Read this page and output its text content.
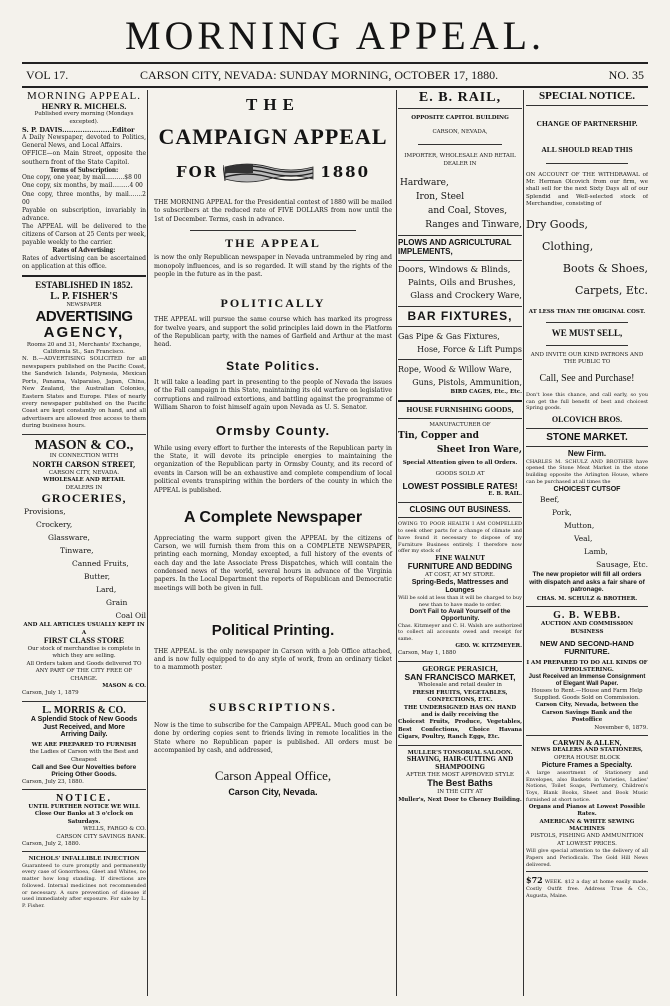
MORNING APPEAL.
VOL 17.	CARSON CITY, NEVADA: SUNDAY MORNING, OCTOBER 17, 1880.	NO. 35

MORNING APPEAL.

HENRY R. MICHELS.

Published every morning (Mondays excepted).

S. P. DAVIS......................Editor

A Daily Newspaper, devoted to Politics, General News, and Local Affairs.

OFFICE—on Main Street, opposite the southern front of the State Capitol.

Terms of Subscription:

One copy, one year, by mail..........$8 00

One copy, six months, by mail.........4 00

One copy, three months, by mail.......2 00

Payable on subscription, invariably in advance.

The APPEAL will be delivered to the citizens of Carson at 25 Cents per week, payable weekly to the carrier.

Rates of Advertising:

Rates of advertising can be ascertained on application at this office.

ESTABLISHED IN 1852.

L. P. FISHER'S

NEWSPAPER

ADVERTISING

AGENCY,

Rooms 20 and 31, Merchants' Exchange, California St., San Francisco.

N. B.—ADVERTISING SOLICITED for all newspapers published on the Pacific Coast, the Sandwich Islands, Polynesia, Mexican Ports, Panama, Valparaiso, Japan, China, New Zealand, the Australian Colonies, Eastern States and Europe. Files of nearly every newspaper published on the Pacific Coast are kept constantly on hand, and all advertisers are allowed free access to them during business hours.

MASON & CO.,

IN CONNECTION WITH

NORTH CARSON STREET,

CARSON CITY, NEVADA.

WHOLESALE AND RETAIL

DEALERS IN

GROCERIES,

Provisions,

Crockery,

Glassware,

Tinware,

Canned Fruits,

Butter,

Lard,

Grain

Coal Oil

AND ALL ARTICLES USUALLY KEPT IN A

FIRST CLASS STORE

Our stock of merchandise is complete in which they are selling.

All Orders taken and Goods delivered TO ANY PART OF THE CITY FREE OF CHARGE.

MASON & CO.

Carson, July 1, 1879

L. MORRIS & CO.

A Splendid Stock of New Goods

Just Received, and More

Arriving Daily.

WE ARE PREPARED TO FURNISH

the Ladies of Carson with the Best and Cheapest

Call and See Our Novelties before

Pricing Other Goods.

Carson, July 23, 1880.

NOTICE.

UNTIL FURTHER NOTICE WE WILL

Close Our Banks at 3 o'clock on

Saturdays.

WELLS, FARGO & CO.

CARSON CITY SAVINGS BANK.

Carson, July 2, 1880.

NICHOLS' INFALLIBLE INJECTION

Guaranteed to cure promptly and permanently every case of Gonorrhoea, Gleet and Whites, no matter how long standing. If directions are followed. Internal medicines not recommended or necessary. A sure prevention of disease if used immediately after exposure. For sale by L. P. Fisher.

THE

CAMPAIGN APPEAL

FOR	1880

THE MORNING APPEAL for the Presidential contest of 1880 will be mailed to subscribers at the reduced rate of FIVE DOLLARS from now until the 1st of December. Terms, cash in advance.

THE APPEAL

is now the only Republican newspaper in Nevada untrammeled by ring and monopoly influences, and is so regarded. It will stand by the rights of the people in the future as in the past.

POLITICALLY

THE APPEAL will pursue the same course which has marked its progress for twelve years, and support the solid principles laid down in the Platform of the Republican party, with the names of Garfield and Arthur at the mast head.

State Politics.

It will take a leading part in presenting to the people of Nevada the issues of the Fall campaign in this State, maintaining its old warfare on legislative corruptions and railroad extortions, and battling against the programme of William Sharon to foist himself again upon Nevada as U. S. Senator.

Ormsby County.

While using every effort to further the interests of the Republican party in the State, it will devote its principle energies to maintaining the organization of the Republican party in Ormsby County, and its record of events in Carson will be an exhaustive and complete compendium of local political events transpiring within the borders of the county in which the APPEAL is published.

A Complete Newspaper

Appreciating the warm support given the APPEAL by the citizens of Carson, we will furnish them from this on a COMPLETE NEWSPAPER, printing each morning, Monday excepted, a full history of the events of each day and the late Associate Press Dispatches, which will contain the condensed news of the world, several hours in advance of the Virginia papers. In the Local Department the reports of Republican and Democratic meetings will both be given in full.

Political Printing.

THE APPEAL is the only newspaper in Carson with a Job Office attached, and is now fully equipped to do any style of work, from an ordinary ticket to a mammoth poster.

SUBSCRIPTIONS.

Now is the time to subscribe for the Campaign APPEAL. Much good can be done by ordering copies sent to friends living in remote localities in the State where no Republican paper is published. All orders must be accompanied by cash, and addressed,

Carson Appeal Office,

Carson City, Nevada.

E. B. RAIL,

OPPOSITE CAPITOL BUILDING

CARSON, NEVADA,

IMPORTER, WHOLESALE AND RETAIL DEALER IN

Hardware,

Iron, Steel

and Coal, Stoves,

Ranges and Tinware,

PLOWS AND AGRICULTURAL IMPLEMENTS,

Doors, Windows & Blinds,

Paints, Oils and Brushes,

Glass and Crockery Ware,

BAR FIXTURES,

Gas Pipe & Gas Fixtures,

Hose, Force & Lift Pumps

Rope, Wood & Willow Ware,

Guns, Pistols, Ammunition,

BIRD CAGES, Etc., Etc.

HOUSE FURNISHING GOODS,

MANUFACTURER OF

Tin, Copper and

Sheet Iron Ware,

Special Attention given to all Orders.

GOODS SOLD AT

LOWEST POSSIBLE RATES!

E. B. RAIL.

CLOSING OUT BUSINESS.

OWING TO POOR HEALTH I AM COMPELLED to seek other parts for a change of climate and have found it necessary to dispose of my Furniture Business entirely. I therefore now offer my stock of

FINE WALNUT

FURNITURE AND BEDDING

AT COST, AT MY STORE.

Spring-Beds, Mattresses and Lounges

Will be sold at less than it will be charged to buy new than to have made to order.

Don't Fail to Avail Yourself of the Opportunity.

Chas. Kitzmeyer and C. H. Walsh are authorized to collect all accounts owed and receipt for same.

GEO. W. KITZMEYER.

Carson, May 1, 1880

GEORGE PERASICH,

SAN FRANCISCO MARKET,

Wholesale and retail dealer in

FRESH FRUITS, VEGETABLES, CONFECTIONS, ETC.

THE UNDERSIGNED HAS ON HAND and is daily receiving the

Choicest Fruits, Produce, Vegetables, Best Confections, Choice Havana Cigars, Poultry, Ranch Eggs, Etc.

MULLER'S TONSORIAL SALOON.

SHAVING, HAIR-CUTTING AND SHAMPOOING

AFTER THE MOST APPROVED STYLE

The Best Baths

IN THE CITY AT

Muller's, Next Door to Cheney Building.

SPECIAL NOTICE.

CHANGE OF PARTNERSHIP.

ALL SHOULD READ THIS

ON ACCOUNT OF THE WITHDRAWAL of Mr. Herman Olcovich from our firm, we shall sell for the next Sixty Days all of our Splendid and Well-selected stock of Merchandise, consisting of

Dry Goods,

Clothing,

Boots & Shoes,

Carpets, Etc.

AT LESS THAN THE ORIGINAL COST.

WE MUST SELL,

AND INVITE OUR KIND PATRONS AND THE PUBLIC TO

Call, See and Purchase!

Don't lose this chance, and call early, so you can get the full benefit of best and choicest Spring goods.

OLCOVICH BROS.

STONE MARKET.

New Firm.

CHARLES M. SCHULZ AND BROTHER have opened the Stone Meat Market in the stone building opposite the Arlington House, where can be purchased at all times the

CHOICEST CUTSOF

Beef,

Pork,

Mutton,

Veal,

Lamb,

Sausage, Etc.

The new propietor will fill all orders with dispatch and asks a fair share of patronage.

CHAS. M. SCHULZ & BROTHER.

G. B. WEBB.

AUCTION AND COMMISSION BUSINESS

NEW AND SECOND-HAND

FURNITURE.

I AM PREPARED TO DO ALL KINDS OF UPHOLSTERING.

Just Received an Immense Consignment of Elegant Wall Paper.

Houses to Rent.—House and Farm Help Supplied. Goods Sold on Commission.

Carson City, Nevada, between the Carson Savings Bank and the Postoffice

November 6, 1879.

CARWIN & ALLEN,

NEWS DEALERS AND STATIONERS,

OPERA HOUSE BLOCK

Picture Frames a Specialty.

A large assortment of Stationery and Envelopes, also Baskets in Varieties, Ladies' Notions, Toilet Soaps, Perfumery, Children's Toys, Blank Books, Sheet and Book Music furnished at short notice.

Organs and Pianos at Lowest Possible Rates.

AMERICAN & WHITE SEWING MACHINES

PISTOLS, FISHING AND AMMUNITION AT LOWEST PRICES.

Will give special attention to the delivery of all Papers and Periodicals. The Gold Hill News delivered.

$72 WEEK. $12 a day at home easily made. Costly Outfit free. Address True & Co., Augusta, Maine.
